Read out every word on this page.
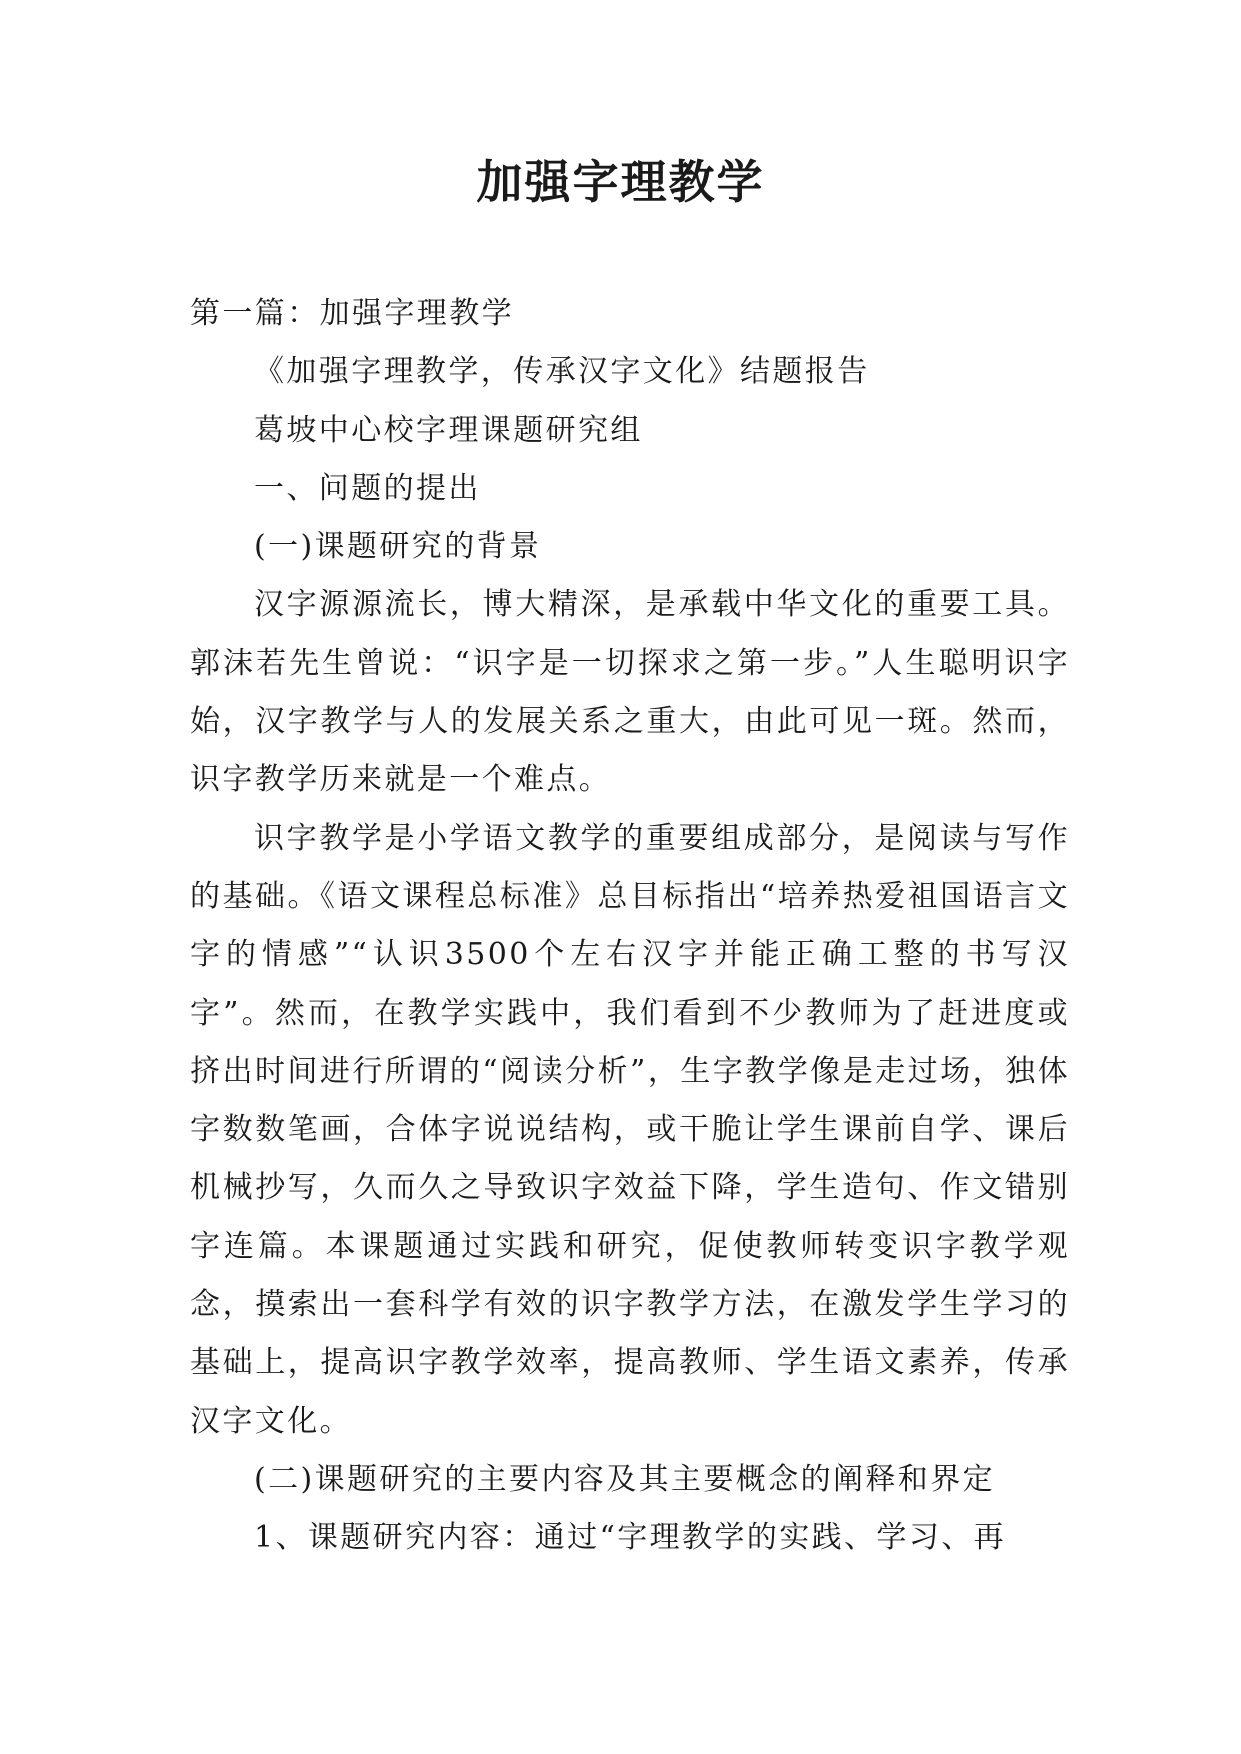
加强字理教学

第一篇：加强字理教学

《加强字理教学，传承汉字文化》结题报告

葛坡中心校字理课题研究组

一、问题的提出

(一)课题研究的背景

汉字源源流长，博大精深，是承载中华文化的重要工具。郭沫若先生曾说：“识字是一切探求之第一步。”人生聪明识字始，汉字教学与人的发展关系之重大，由此可见一斑。然而，识字教学历来就是一个难点。

识字教学是小学语文教学的重要组成部分，是阅读与写作的基础。《语文课程总标准》总目标指出“培养热爱祖国语言文字的情感”“认识3500个左右汉字并能正确工整的书写汉字”。然而，在教学实践中，我们看到不少教师为了赶进度或挤出时间进行所谓的“阅读分析”，生字教学像是走过场，独体字数数笔画，合体字说说结构，或干脆让学生课前自学、课后机械抄写，久而久之导致识字效益下降，学生造句、作文错别字连篇。本课题通过实践和研究，促使教师转变识字教学观念，摸索出一套科学有效的识字教学方法，在激发学生学习的基础上，提高识字教学效率，提高教师、学生语文素养，传承汉字文化。

(二)课题研究的主要内容及其主要概念的阐释和界定

1、课题研究内容：通过“字理教学的实践、学习、再
